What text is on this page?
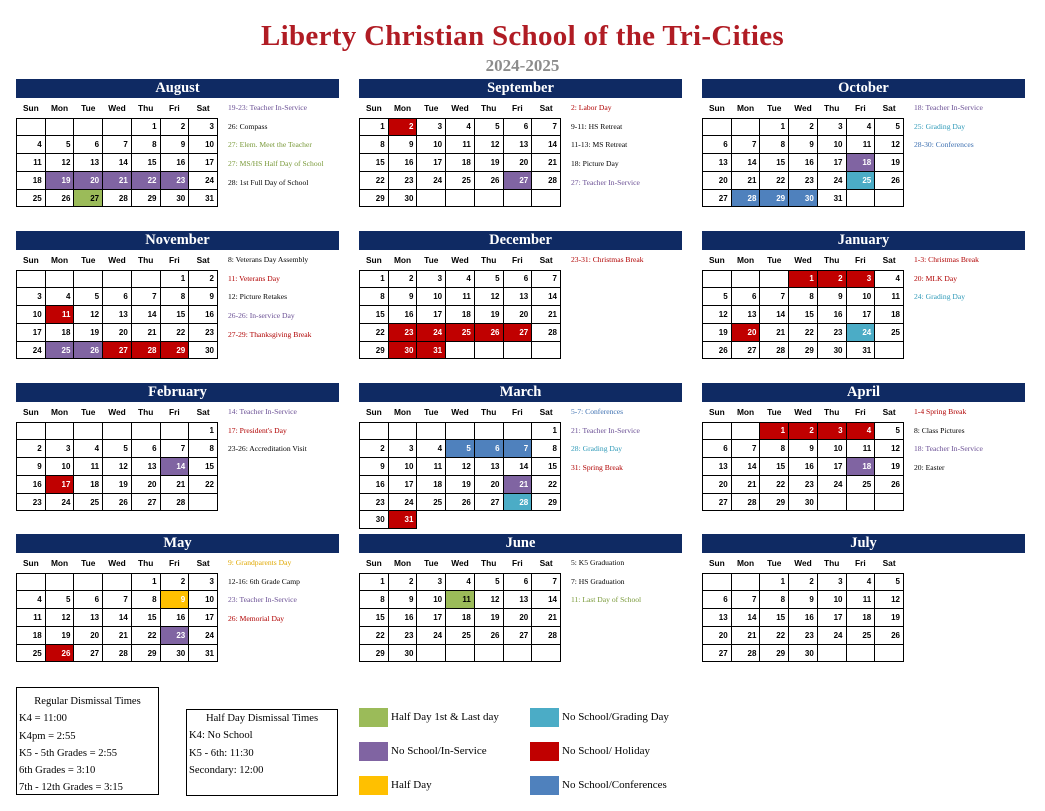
Liberty Christian School of the Tri-Cities
2024-2025
August
Sun	Mon	Tue	Wed	Thu	Fri	Sat
				1	2	3
4	5	6	7	8	9	10
11	12	13	14	15	16	17
18	19	20	21	22	23	24
25	26	27	28	29	30	31
19-23: Teacher In-Service
26: Compass
27: Elem. Meet the Teacher
27: MS/HS Half Day of School
28: 1st Full Day of School
September
Sun	Mon	Tue	Wed	Thu	Fri	Sat
1	2	3	4	5	6	7
8	9	10	11	12	13	14
15	16	17	18	19	20	21
22	23	24	25	26	27	28
29	30					
2: Labor Day
9-11: HS Retreat
11-13: MS Retreat
18: Picture Day
27: Teacher In-Service
October
Sun	Mon	Tue	Wed	Thu	Fri	Sat
		1	2	3	4	5
6	7	8	9	10	11	12
13	14	15	16	17	18	19
20	21	22	23	24	25	26
27	28	29	30	31		
18: Teacher In-Service
25: Grading Day
28-30: Conferences
November
Sun	Mon	Tue	Wed	Thu	Fri	Sat
					1	2
3	4	5	6	7	8	9
10	11	12	13	14	15	16
17	18	19	20	21	22	23
24	25	26	27	28	29	30
8: Veterans Day Assembly
11: Veterans Day
12: Picture Retakes
26-26: In-service Day
27-29: Thanksgiving Break
December
Sun	Mon	Tue	Wed	Thu	Fri	Sat
1	2	3	4	5	6	7
8	9	10	11	12	13	14
15	16	17	18	19	20	21
22	23	24	25	26	27	28
29	30	31				
23-31: Christmas Break
January
Sun	Mon	Tue	Wed	Thu	Fri	Sat
			1	2	3	4
5	6	7	8	9	10	11
12	13	14	15	16	17	18
19	20	21	22	23	24	25
26	27	28	29	30	31	
1-3: Christmas Break
20: MLK Day
24: Grading Day
February
Sun	Mon	Tue	Wed	Thu	Fri	Sat
						1
2	3	4	5	6	7	8
9	10	11	12	13	14	15
16	17	18	19	20	21	22
23	24	25	26	27	28	
14: Teacher In-Service
17: President's Day
23-26: Accreditation Visit
March
Sun	Mon	Tue	Wed	Thu	Fri	Sat
						1
2	3	4	5	6	7	8
9	10	11	12	13	14	15
16	17	18	19	20	21	22
23	24	25	26	27	28	29
30	31					
5-7: Conferences
21: Teacher In-Service
28: Grading Day
31: Spring Break
April
Sun	Mon	Tue	Wed	Thu	Fri	Sat
		1	2	3	4	5
6	7	8	9	10	11	12
13	14	15	16	17	18	19
20	21	22	23	24	25	26
27	28	29	30			
1-4 Spring Break
8: Class Pictures
18: Teacher In-Service
20: Easter
May
Sun	Mon	Tue	Wed	Thu	Fri	Sat
				1	2	3
4	5	6	7	8	9	10
11	12	13	14	15	16	17
18	19	20	21	22	23	24
25	26	27	28	29	30	31
9: Grandparents Day
12-16: 6th Grade Camp
23: Teacher In-Service
26: Memorial Day
June
Sun	Mon	Tue	Wed	Thu	Fri	Sat
1	2	3	4	5	6	7
8	9	10	11	12	13	14
15	16	17	18	19	20	21
22	23	24	25	26	27	28
29	30					
5: K5 Graduation
7: HS Graduation
11: Last Day of School
July
Sun	Mon	Tue	Wed	Thu	Fri	Sat
		1	2	3	4	5
6	7	8	9	10	11	12
13	14	15	16	17	18	19
20	21	22	23	24	25	26
27	28	29	30			
Regular Dismissal Times
K4 = 11:00
K4pm = 2:55
K5 - 5th Grades = 2:55
6th Grades = 3:10
7th - 12th Grades = 3:15
Half Day Dismissal Times
K4: No School
K5 - 6th: 11:30
Secondary: 12:00
Half Day 1st & Last day	No School/Grading Day
No School/In-Service	No School/ Holiday
Half Day	No School/Conferences
